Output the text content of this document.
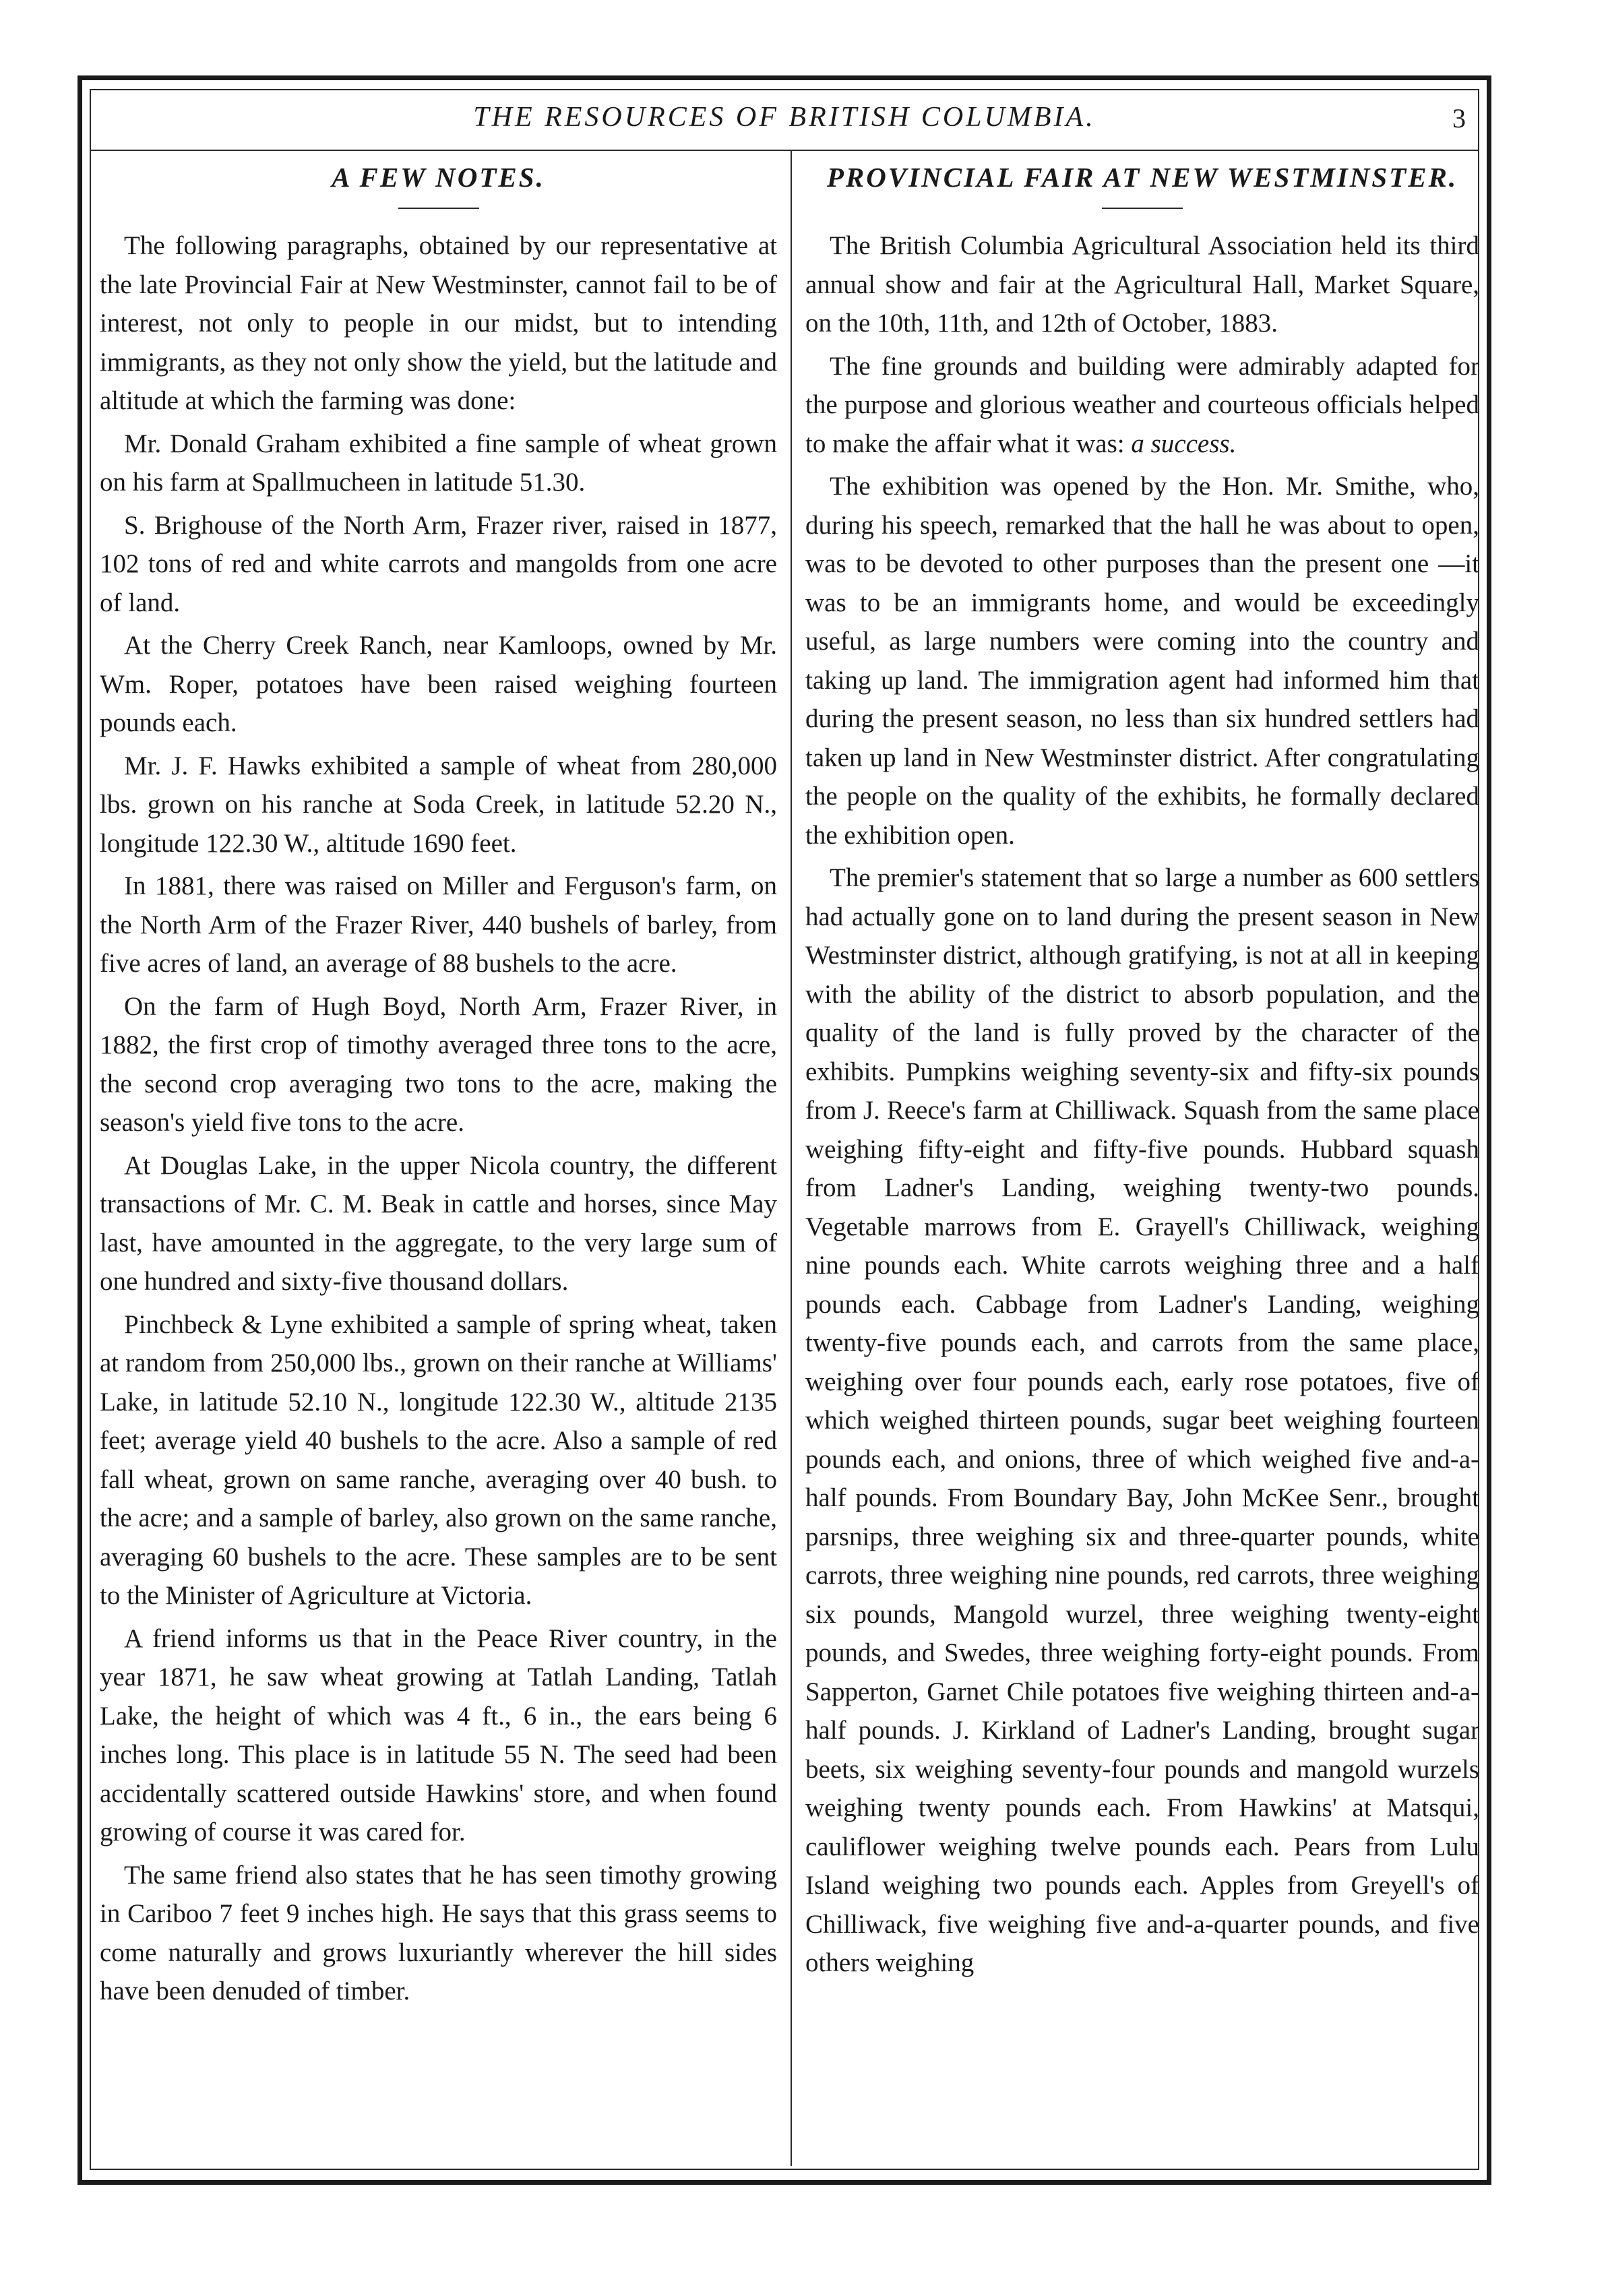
THE RESOURCES OF BRITISH COLUMBIA.	3
A FEW NOTES.

The following paragraphs, obtained by our representative at the late Provincial Fair at New Westminster, cannot fail to be of interest, not only to people in our midst, but to intending immigrants, as they not only show the yield, but the latitude and altitude at which the farming was done:

Mr. Donald Graham exhibited a fine sample of wheat grown on his farm at Spallmucheen in latitude 51.30.

S. Brighouse of the North Arm, Frazer river, raised in 1877, 102 tons of red and white carrots and mangolds from one acre of land.

At the Cherry Creek Ranch, near Kamloops, owned by Mr. Wm. Roper, potatoes have been raised weighing fourteen pounds each.

Mr. J. F. Hawks exhibited a sample of wheat from 280,000 lbs. grown on his ranche at Soda Creek, in latitude 52.20 N., longitude 122.30 W., altitude 1690 feet.

In 1881, there was raised on Miller and Ferguson's farm, on the North Arm of the Frazer River, 440 bushels of barley, from five acres of land, an average of 88 bushels to the acre.

On the farm of Hugh Boyd, North Arm, Frazer River, in 1882, the first crop of timothy averaged three tons to the acre, the second crop averaging two tons to the acre, making the season's yield five tons to the acre.

At Douglas Lake, in the upper Nicola country, the different transactions of Mr. C. M. Beak in cattle and horses, since May last, have amounted in the aggregate, to the very large sum of one hundred and sixty-five thousand dollars.

Pinchbeck & Lyne exhibited a sample of spring wheat, taken at random from 250,000 lbs., grown on their ranche at Williams' Lake, in latitude 52.10 N., longitude 122.30 W., altitude 2135 feet; average yield 40 bushels to the acre. Also a sample of red fall wheat, grown on same ranche, averaging over 40 bush. to the acre; and a sample of barley, also grown on the same ranche, averaging 60 bushels to the acre. These samples are to be sent to the Minister of Agriculture at Victoria.

A friend informs us that in the Peace River country, in the year 1871, he saw wheat growing at Tatlah Landing, Tatlah Lake, the height of which was 4 ft., 6 in., the ears being 6 inches long. This place is in latitude 55 N. The seed had been accidentally scattered outside Hawkins' store, and when found growing of course it was cared for.

The same friend also states that he has seen timothy growing in Cariboo 7 feet 9 inches high. He says that this grass seems to come naturally and grows luxuriantly wherever the hill sides have been denuded of timber.

PROVINCIAL FAIR AT NEW WESTMINSTER.

The British Columbia Agricultural Association held its third annual show and fair at the Agricultural Hall, Market Square, on the 10th, 11th, and 12th of October, 1883.

The fine grounds and building were admirably adapted for the purpose and glorious weather and courteous officials helped to make the affair what it was: a success.

The exhibition was opened by the Hon. Mr. Smithe, who, during his speech, remarked that the hall he was about to open, was to be devoted to other purposes than the present one —it was to be an immigrants home, and would be exceedingly useful, as large numbers were coming into the country and taking up land. The immigration agent had informed him that during the present season, no less than six hundred settlers had taken up land in New Westminster district. After congratulating the people on the quality of the exhibits, he formally declared the exhibition open.

The premier's statement that so large a number as 600 settlers had actually gone on to land during the present season in New Westminster district, although gratifying, is not at all in keeping with the ability of the district to absorb population, and the quality of the land is fully proved by the character of the exhibits. Pumpkins weighing seventy-six and fifty-six pounds from J. Reece's farm at Chilliwack. Squash from the same place weighing fifty-eight and fifty-five pounds. Hubbard squash from Ladner's Landing, weighing twenty-two pounds. Vegetable marrows from E. Grayell's Chilliwack, weighing nine pounds each. White carrots weighing three and a half pounds each. Cabbage from Ladner's Landing, weighing twenty-five pounds each, and carrots from the same place, weighing over four pounds each, early rose potatoes, five of which weighed thirteen pounds, sugar beet weighing fourteen pounds each, and onions, three of which weighed five and-a-half pounds. From Boundary Bay, John McKee Senr., brought parsnips, three weighing six and three-quarter pounds, white carrots, three weighing nine pounds, red carrots, three weighing six pounds, Mangold wurzel, three weighing twenty-eight pounds, and Swedes, three weighing forty-eight pounds. From Sapperton, Garnet Chile potatoes five weighing thirteen and-a-half pounds. J. Kirkland of Ladner's Landing, brought sugar beets, six weighing seventy-four pounds and mangold wurzels weighing twenty pounds each. From Hawkins' at Matsqui, cauliflower weighing twelve pounds each. Pears from Lulu Island weighing two pounds each. Apples from Greyell's of Chilliwack, five weighing five and-a-quarter pounds, and five others weighing
